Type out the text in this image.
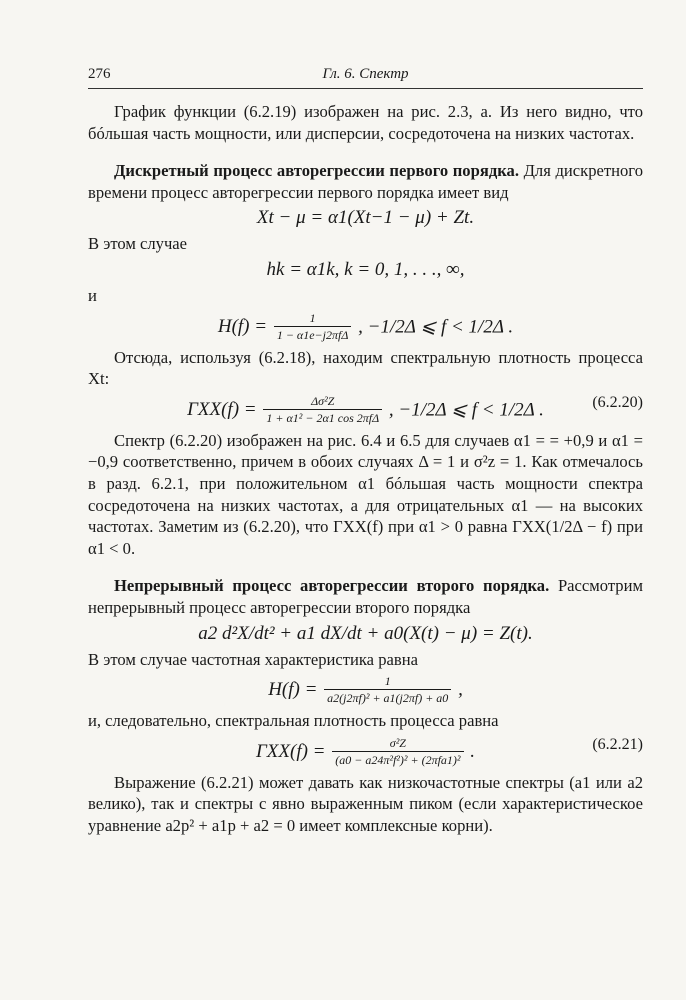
276	Гл. 6. Спектр

График функции (6.2.19) изображен на рис. 2.3, a. Из него видно, что бóльшая часть мощности, или дисперсии, сосредоточена на низких частотах.

Дискретный процесс авторегрессии первого порядка. Для дискретного времени процесс авторегрессии первого порядка имеет вид

Xt − μ = α1(Xt−1 − μ) + Zt.

В этом случае

hk = α1k, k = 0, 1, . . ., ∞,

и

$H(f) = \frac{1}{\text{1 − α1e−j2πfΔ}}$ , −1/2Δ ⩽ f < 1/2Δ .

Отсюда, используя (6.2.18), находим спектральную плотность процесса Xt:

$\Gamma XX(f) = \frac{\text{Δσ²Z}}{\text{1 + α1² − 2α1 cos 2πfΔ}}$ , −1/2Δ ⩽ f < 1/2Δ .	(6.2.20)

Спектр (6.2.20) изображен на рис. 6.4 и 6.5 для случаев α1 = = +0,9 и α1 = −0,9 соответственно, причем в обоих случаях Δ = 1 и σ²z = 1. Как отмечалось в разд. 6.2.1, при положительном α1 бóльшая часть мощности спектра сосредоточена на низких частотах, а для отрицательных α1 — на высоких частотах. Заметим из (6.2.20), что ΓXX(f) при α1 > 0 равна ΓXX(1/2Δ − f) при α1 < 0.

Непрерывный процесс авторегрессии второго порядка. Рассмотрим непрерывный процесс авторегрессии второго порядка

a2 d²X/dt² + a1 dX/dt + a0(X(t) − μ) = Z(t).

В этом случае частотная характеристика равна

$H(f) = \frac{1}{\text{a2(j2πf)² + a1(j2πf) + a0}}$ ,

и, следовательно, спектральная плотность процесса равна

$\Gamma XX(f) = \frac{\text{σ²Z}}{\text{(a0 − a24π²f²)² + (2πfa1)²}}$ .	(6.2.21)

Выражение (6.2.21) может давать как низкочастотные спектры (a1 или a2 велико), так и спектры с явно выраженным пиком (если характеристическое уравнение a2p² + a1p + a2 = 0 имеет комплексные корни).
